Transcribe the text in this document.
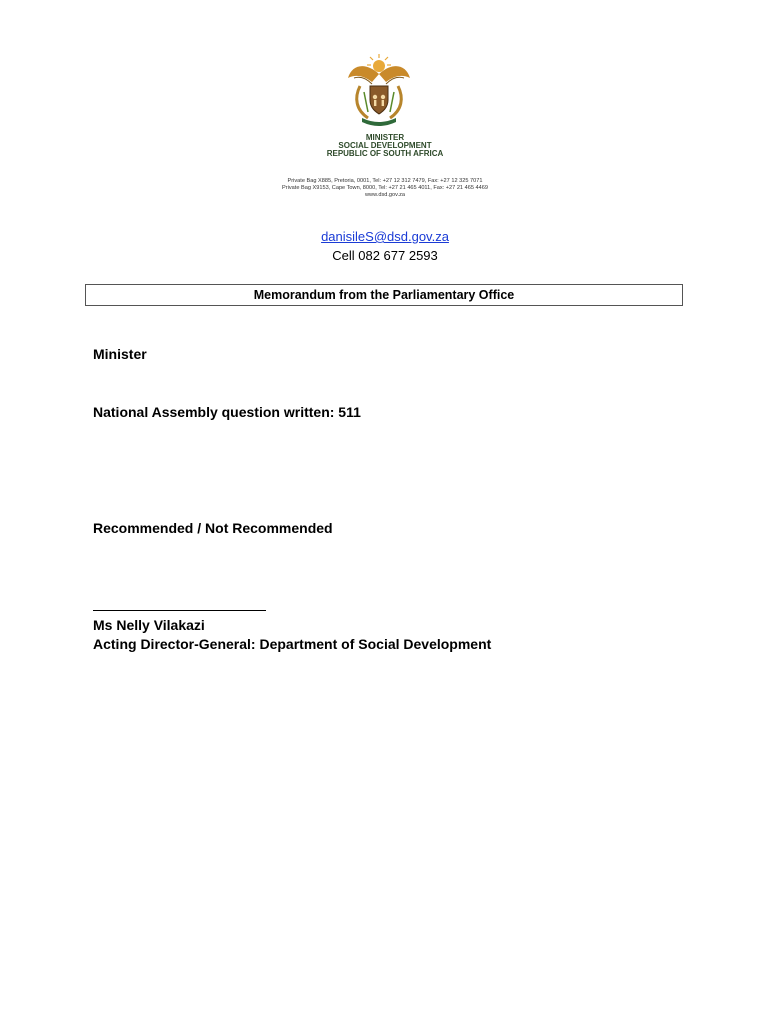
MINISTER
SOCIAL DEVELOPMENT
REPUBLIC OF SOUTH AFRICA
Private Bag X885, Pretoria, 0001, Tel: +27 12 312 7479, Fax: +27 12 325 7071
Private Bag X9153, Cape Town, 8000, Tel: +27 21 465 4011, Fax: +27 21 465 4469
www.dsd.gov.za
danisileS@dsd.gov.za
Cell 082 677 2593
Memorandum from the Parliamentary Office
Minister
National Assembly question written: 511
Recommended / Not Recommended
Ms Nelly Vilakazi
Acting Director-General: Department of Social Development
